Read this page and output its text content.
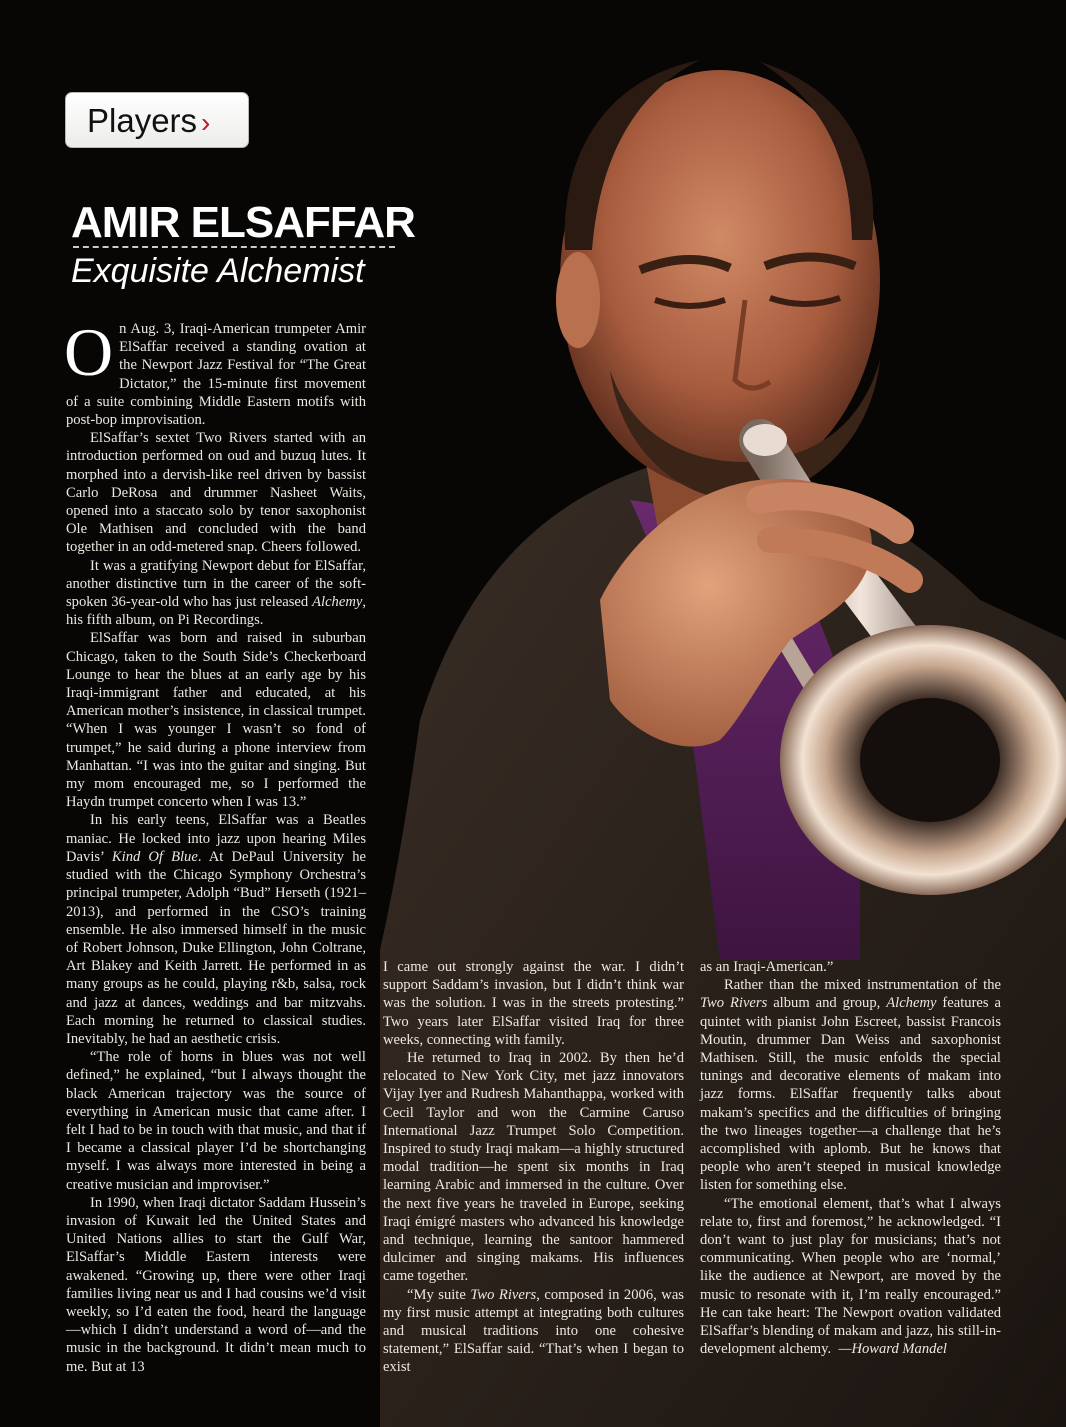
Players ›
AMIR ELSAFFAR
Exquisite Alchemist

On Aug. 3, Iraqi-American trumpeter Amir ElSaffar received a standing ovation at the Newport Jazz Festival for “The Great Dictator,” the 15-minute first movement of a suite combining Middle Eastern motifs with post-bop improvisation.

ElSaffar’s sextet Two Rivers started with an introduction performed on oud and buzuq lutes. It morphed into a dervish-like reel driven by bassist Carlo DeRosa and drummer Nasheet Waits, opened into a staccato solo by tenor saxophonist Ole Mathisen and concluded with the band together in an odd-metered snap. Cheers followed.

It was a gratifying Newport debut for ElSaffar, another distinctive turn in the career of the soft-spoken 36-year-old who has just released Alchemy, his fifth album, on Pi Recordings.

ElSaffar was born and raised in suburban Chicago, taken to the South Side’s Checkerboard Lounge to hear the blues at an early age by his Iraqi-immigrant father and educated, at his American mother’s insistence, in classical trumpet. “When I was younger I wasn’t so fond of trumpet,” he said during a phone interview from Manhattan. “I was into the guitar and singing. But my mom encouraged me, so I performed the Haydn trumpet concerto when I was 13.”

In his early teens, ElSaffar was a Beatles maniac. He locked into jazz upon hearing Miles Davis’ Kind Of Blue. At DePaul University he studied with the Chicago Symphony Orchestra’s principal trumpeter, Adolph “Bud” Herseth (1921–2013), and performed in the CSO’s training ensemble. He also immersed himself in the music of Robert Johnson, Duke Ellington, John Coltrane, Art Blakey and Keith Jarrett. He performed in as many groups as he could, playing r&b, salsa, rock and jazz at dances, weddings and bar mitzvahs. Each morning he returned to classical studies. Inevitably, he had an aesthetic crisis.

“The role of horns in blues was not well defined,” he explained, “but I always thought the black American trajectory was the source of everything in American music that came after. I felt I had to be in touch with that music, and that if I became a classical player I’d be shortchanging myself. I was always more interested in being a creative musician and improviser.”

In 1990, when Iraqi dictator Saddam Hussein’s invasion of Kuwait led the United States and United Nations allies to start the Gulf War, ElSaffar’s Middle Eastern interests were awakened. “Growing up, there were other Iraqi families living near us and I had cousins we’d visit weekly, so I’d eaten the food, heard the language—which I didn’t understand a word of—and the music in the background. It didn’t mean much to me. But at 13

I came out strongly against the war. I didn’t support Saddam’s invasion, but I didn’t think war was the solution. I was in the streets protesting.” Two years later ElSaffar visited Iraq for three weeks, connecting with family.

He returned to Iraq in 2002. By then he’d relocated to New York City, met jazz innovators Vijay Iyer and Rudresh Mahanthappa, worked with Cecil Taylor and won the Carmine Caruso International Jazz Trumpet Solo Competition. Inspired to study Iraqi makam—a highly structured modal tradition—he spent six months in Iraq learning Arabic and immersed in the culture. Over the next five years he traveled in Europe, seeking Iraqi émigré masters who advanced his knowledge and technique, learning the santoor hammered dulcimer and singing makams. His influences came together.

“My suite Two Rivers, composed in 2006, was my first music attempt at integrating both cultures and musical traditions into one cohesive statement,” ElSaffar said. “That’s when I began to exist

as an Iraqi-American.”

Rather than the mixed instrumentation of the Two Rivers album and group, Alchemy features a quintet with pianist John Escreet, bassist Francois Moutin, drummer Dan Weiss and saxophonist Mathisen. Still, the music enfolds the special tunings and decorative elements of makam into jazz forms. ElSaffar frequently talks about makam’s specifics and the difficulties of bringing the two lineages together—a challenge that he’s accomplished with aplomb. But he knows that people who aren’t steeped in musical knowledge listen for something else.

“The emotional element, that’s what I always relate to, first and foremost,” he acknowledged. “I don’t want to just play for musicians; that’s not communicating. When people who are ‘normal,’ like the audience at Newport, are moved by the music to resonate with it, I’m really encouraged.” He can take heart: The Newport ovation validated ElSaffar’s blending of makam and jazz, his still-in-development alchemy. —Howard Mandel
